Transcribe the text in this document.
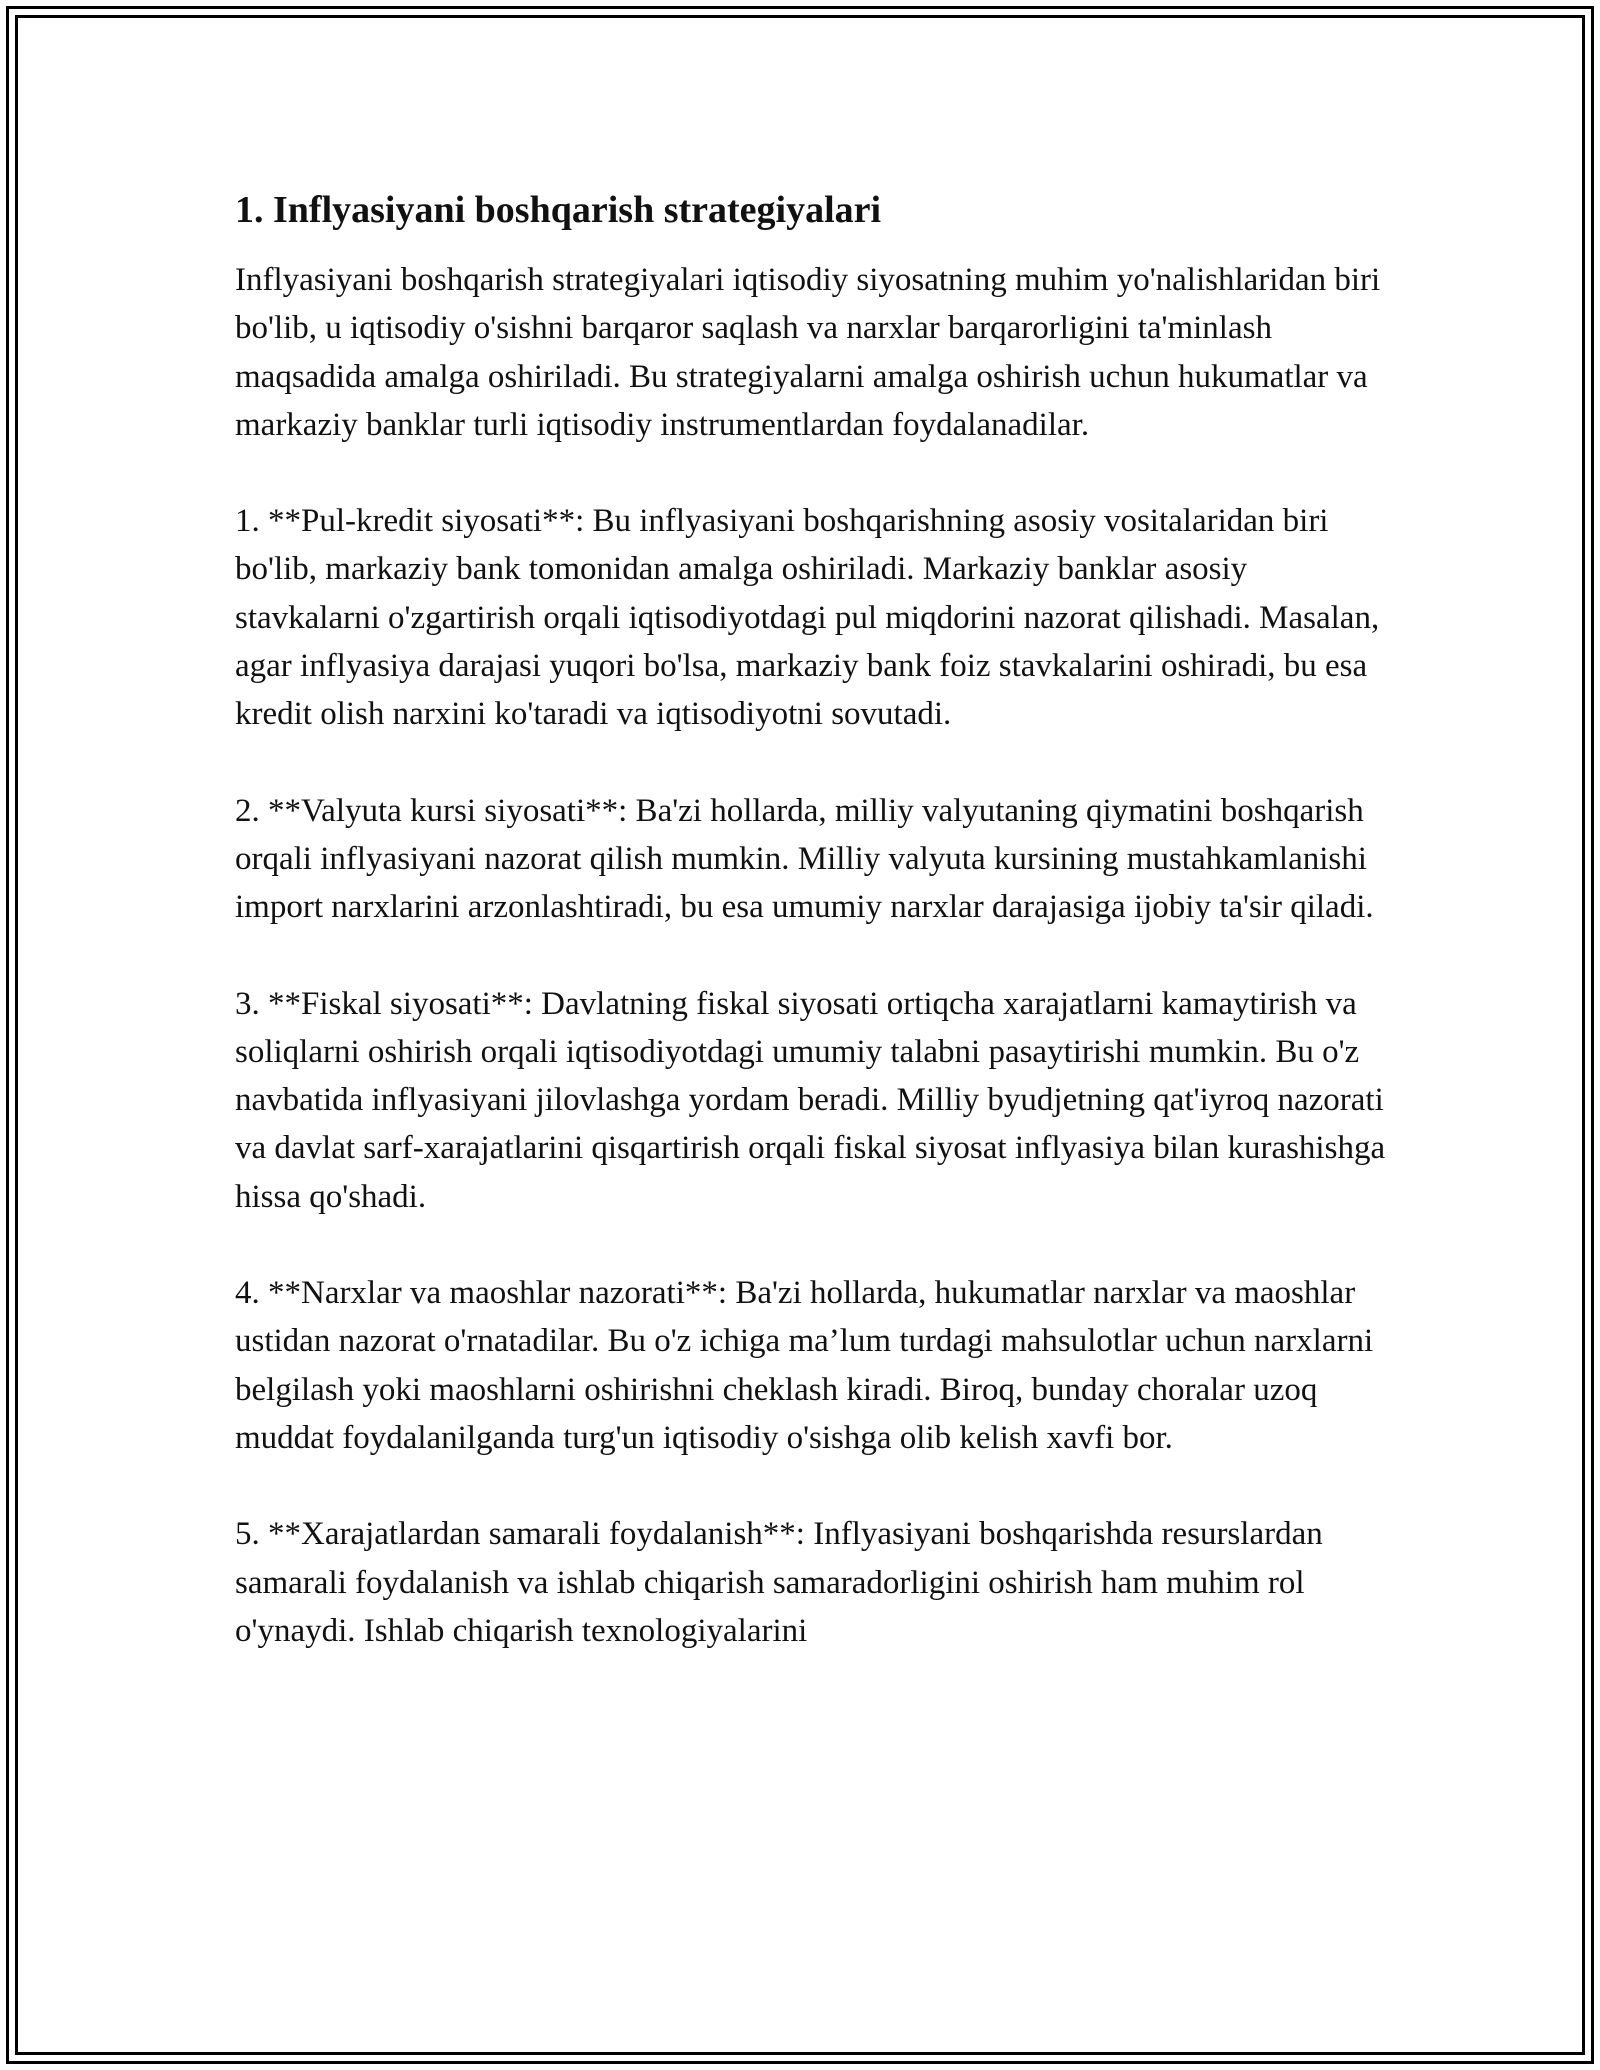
1. Inflyasiyani boshqarish strategiyalari

Inflyasiyani boshqarish strategiyalari iqtisodiy siyosatning muhim yo'nalishlaridan biri bo'lib, u iqtisodiy o'sishni barqaror saqlash va narxlar barqarorligini ta'minlash maqsadida amalga oshiriladi. Bu strategiyalarni amalga oshirish uchun hukumatlar va markaziy banklar turli iqtisodiy instrumentlardan foydalanadilar.

1. **Pul-kredit siyosati**: Bu inflyasiyani boshqarishning asosiy vositalaridan biri bo'lib, markaziy bank tomonidan amalga oshiriladi. Markaziy banklar asosiy stavkalarni o'zgartirish orqali iqtisodiyotdagi pul miqdorini nazorat qilishadi. Masalan, agar inflyasiya darajasi yuqori bo'lsa, markaziy bank foiz stavkalarini oshiradi, bu esa kredit olish narxini ko'taradi va iqtisodiyotni sovutadi.

2. **Valyuta kursi siyosati**: Ba'zi hollarda, milliy valyutaning qiymatini boshqarish orqali inflyasiyani nazorat qilish mumkin. Milliy valyuta kursining mustahkamlanishi import narxlarini arzonlashtiradi, bu esa umumiy narxlar darajasiga ijobiy ta'sir qiladi.

3. **Fiskal siyosati**: Davlatning fiskal siyosati ortiqcha xarajatlarni kamaytirish va soliqlarni oshirish orqali iqtisodiyotdagi umumiy talabni pasaytirishi mumkin. Bu o'z navbatida inflyasiyani jilovlashga yordam beradi. Milliy byudjetning qat'iyroq nazorati va davlat sarf-xarajatlarini qisqartirish orqali fiskal siyosat inflyasiya bilan kurashishga hissa qo'shadi.

4. **Narxlar va maoshlar nazorati**: Ba'zi hollarda, hukumatlar narxlar va maoshlar ustidan nazorat o'rnatadilar. Bu o'z ichiga ma’lum turdagi mahsulotlar uchun narxlarni belgilash yoki maoshlarni oshirishni cheklash kiradi. Biroq, bunday choralar uzoq muddat foydalanilganda turg'un iqtisodiy o'sishga olib kelish xavfi bor.

5. **Xarajatlardan samarali foydalanish**: Inflyasiyani boshqarishda resurslardan samarali foydalanish va ishlab chiqarish samaradorligini oshirish ham muhim rol o'ynaydi. Ishlab chiqarish texnologiyalarini
